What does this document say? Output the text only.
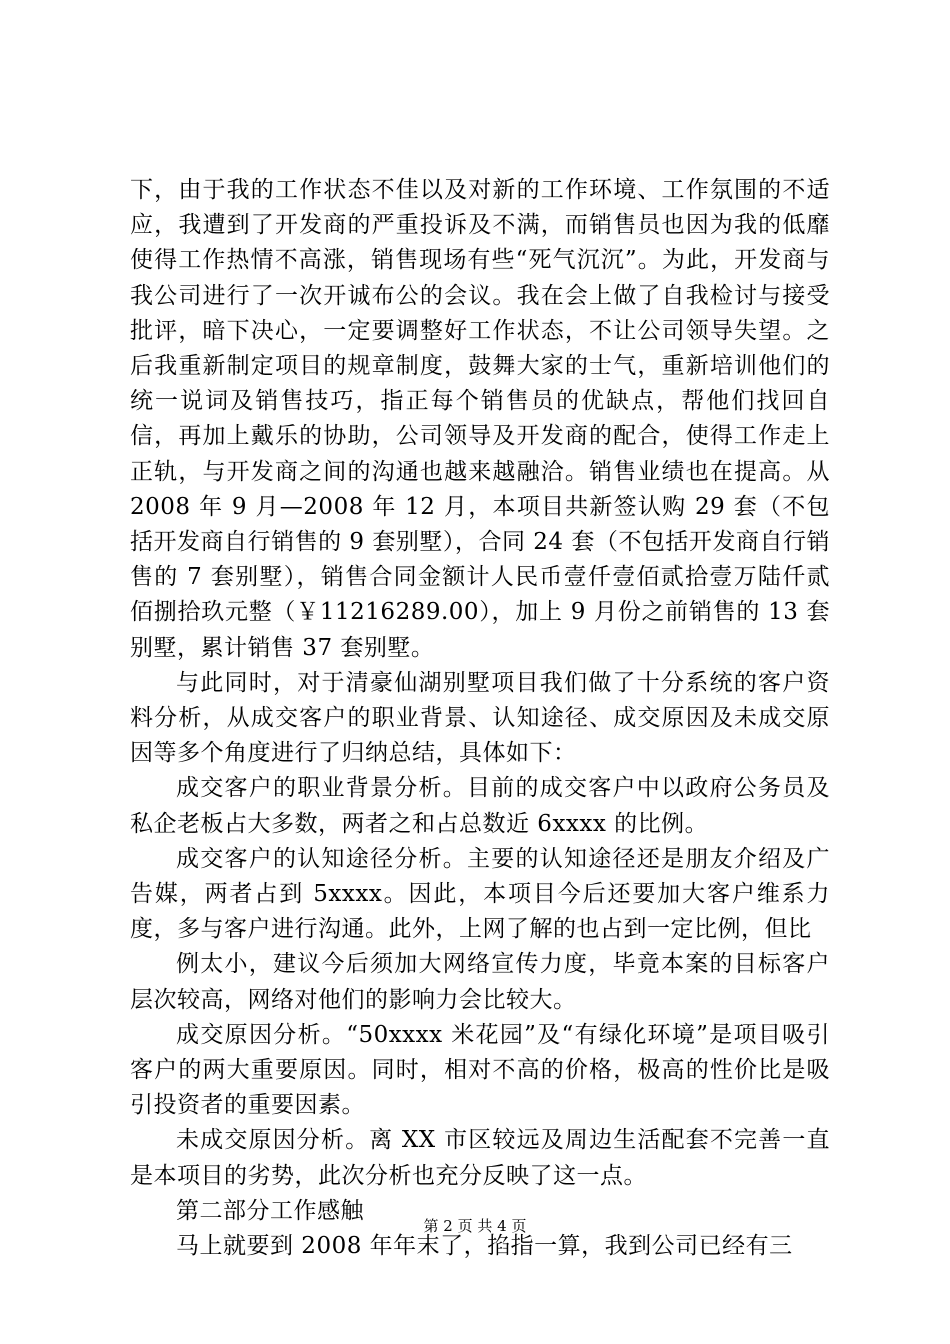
下，由于我的工作状态不佳以及对新的工作环境、工作氛围的不适应，我遭到了开发商的严重投诉及不满，而销售员也因为我的低靡使得工作热情不高涨，销售现场有些“死气沉沉”。为此，开发商与我公司进行了一次开诚布公的会议。我在会上做了自我检讨与接受批评，暗下决心，一定要调整好工作状态，不让公司领导失望。之后我重新制定项目的规章制度，鼓舞大家的士气，重新培训他们的统一说词及销售技巧，指正每个销售员的优缺点，帮他们找回自信，再加上戴乐的协助，公司领导及开发商的配合，使得工作走上正轨，与开发商之间的沟通也越来越融洽。销售业绩也在提高。从 2008 年 9 月—2008 年 12 月，本项目共新签认购 29 套（不包括开发商自行销售的 9 套别墅），合同 24 套（不包括开发商自行销售的 7 套别墅），销售合同金额计人民币壹仟壹佰贰拾壹万陆仟贰佰捌拾玖元整（￥11216289.00），加上 9 月份之前销售的 13 套别墅，累计销售 37 套别墅。

与此同时，对于清豪仙湖别墅项目我们做了十分系统的客户资料分析，从成交客户的职业背景、认知途径、成交原因及未成交原因等多个角度进行了归纳总结，具体如下：

成交客户的职业背景分析。目前的成交客户中以政府公务员及私企老板占大多数，两者之和占总数近 6xxxx 的比例。

成交客户的认知途径分析。主要的认知途径还是朋友介绍及广告媒，两者占到 5xxxx。因此，本项目今后还要加大客户维系力度，多与客户进行沟通。此外，上网了解的也占到一定比例，但比

例太小，建议今后须加大网络宣传力度，毕竟本案的目标客户层次较高，网络对他们的影响力会比较大。

成交原因分析。“50xxxx 米花园”及“有绿化环境”是项目吸引客户的两大重要原因。同时，相对不高的价格，极高的性价比是吸引投资者的重要因素。

未成交原因分析。离 XX 市区较远及周边生活配套不完善一直是本项目的劣势，此次分析也充分反映了这一点。

第二部分工作感触

马上就要到 2008 年年末了，掐指一算，我到公司已经有三

第 2 页 共 4 页
